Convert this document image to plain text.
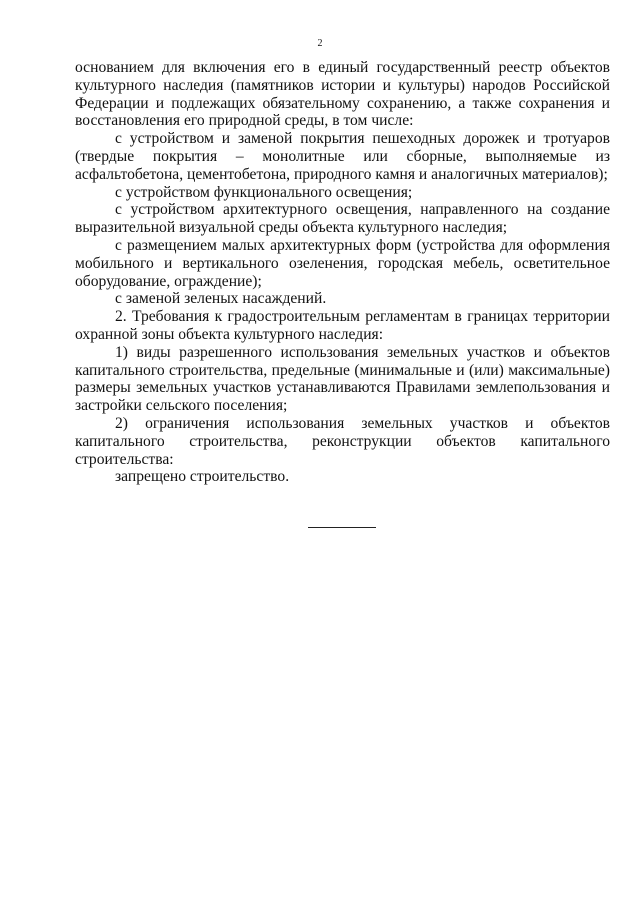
2

основанием для включения его в единый государственный реестр объектов культурного наследия (памятников истории и культуры) народов Российской Федерации и подлежащих обязательному сохранению, а также сохранения и восстановления его природной среды, в том числе:

с устройством и заменой покрытия пешеходных дорожек и тротуаров (твердые покрытия – монолитные или сборные, выполняемые из асфальтобетона, цементобетона, природного камня и аналогичных материалов);

с устройством функционального освещения;

с устройством архитектурного освещения, направленного на создание выразительной визуальной среды объекта культурного наследия;

с размещением малых архитектурных форм (устройства для оформления мобильного и вертикального озеленения, городская мебель, осветительное оборудование, ограждение);

с заменой зеленых насаждений.

2. Требования к градостроительным регламентам в границах территории охранной зоны объекта культурного наследия:

1) виды разрешенного использования земельных участков и объектов капитального строительства, предельные (минимальные и (или) максимальные) размеры земельных участков устанавливаются Правилами землепользования и застройки сельского поселения;

2) ограничения использования земельных участков и объектов капитального строительства, реконструкции объектов капитального строительства:

запрещено строительство.
